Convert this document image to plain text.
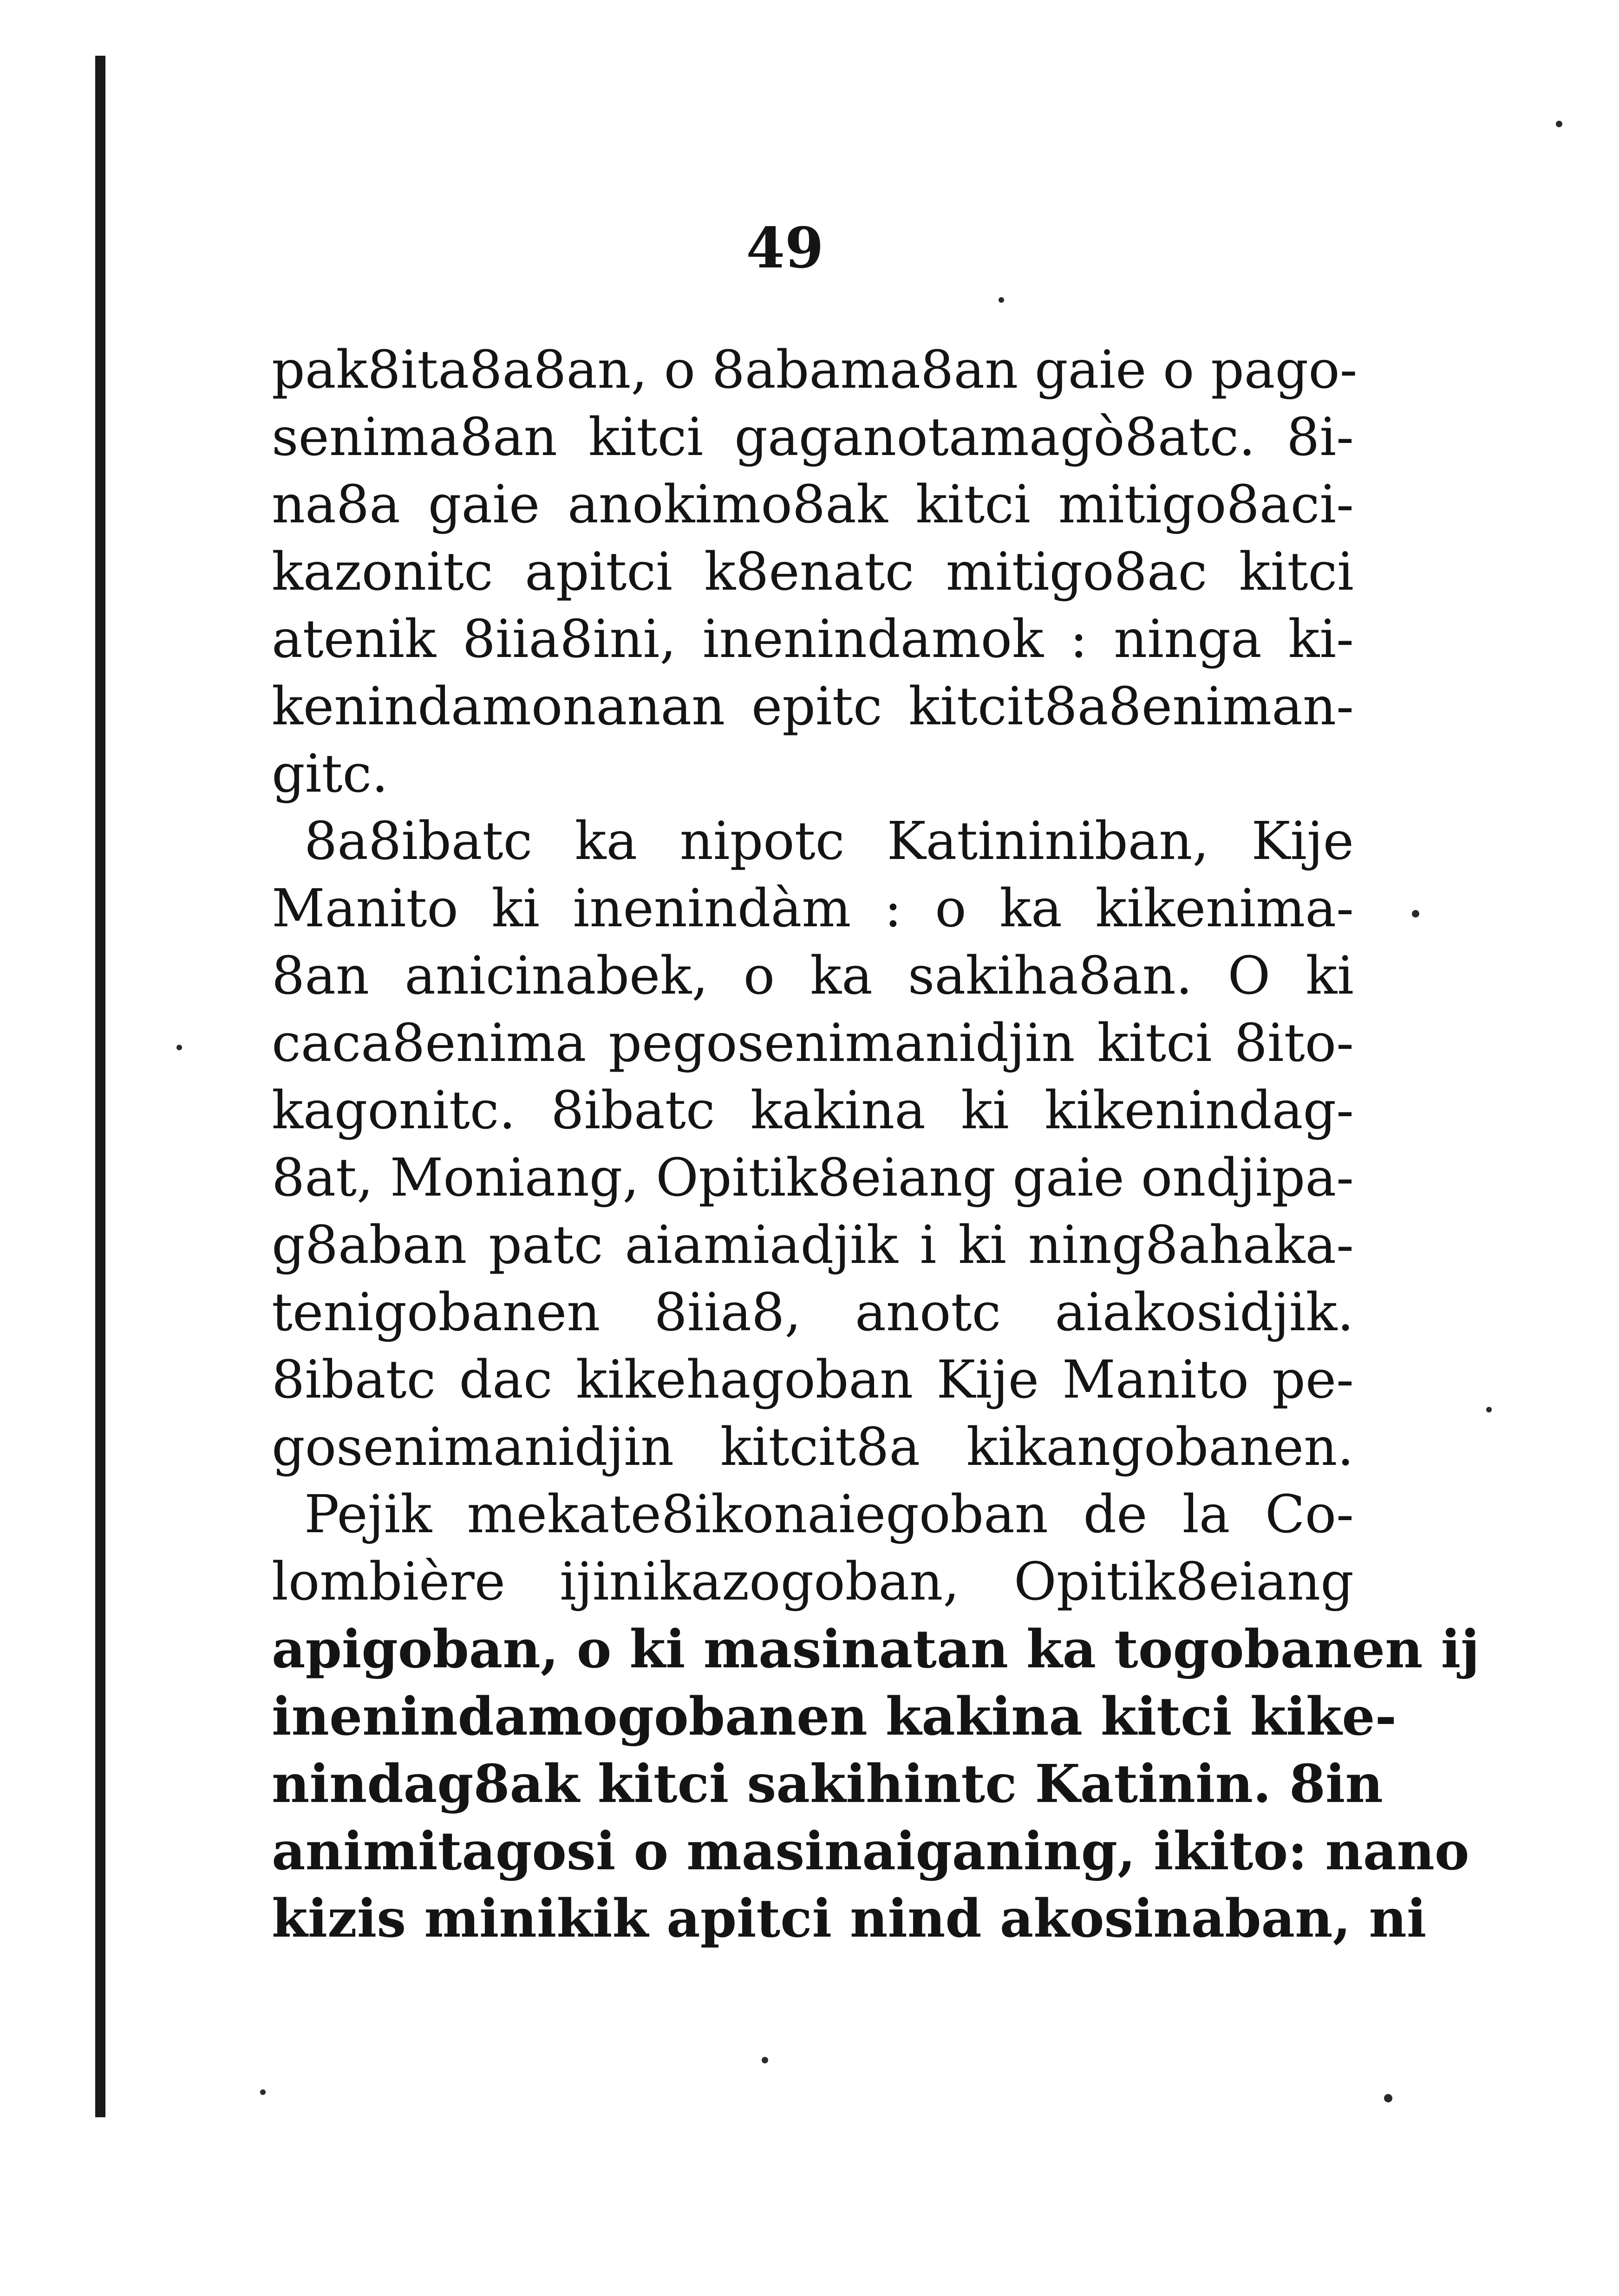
49
pak8ita8a8an, o 8abama8an gaie o pago-
senima8an kitci gaganotamagò8atc. 8i-
na8a gaie anokimo8ak kitci mitigo8aci-
kazonitc apitci k8enatc mitigo8ac kitci
atenik 8iia8ini, inenindamok : ninga ki-
kenindamonanan epitc kitcit8a8eniman-
gitc.
8a8ibatc ka nipotc Katininiban, Kije
Manito ki inenindàm : o ka kikenima-
8an anicinabek, o ka sakiha8an. O ki
caca8enima pegosenimanidjin kitci 8ito-
kagonitc. 8ibatc kakina ki kikenindag-
8at, Moniang, Opitik8eiang gaie ondjipa-
g8aban patc aiamiadjik i ki ning8ahaka-
tenigobanen 8iia8, anotc aiakosidjik.
8ibatc dac kikehagoban Kije Manito pe-
gosenimanidjin kitcit8a kikangobanen.
Pejik mekate8ikonaiegoban de la Co-
lombière ijinikazogoban, Opitik8eiang
apigoban, o ki masinatan ka togobanen ij
inenindamogobanen kakina kitci kike-
nindag8ak kitci sakihintc Katinin. 8in
animitagosi o masinaiganing, ikito: nano
kizis minikik apitci nind akosinaban, ni
